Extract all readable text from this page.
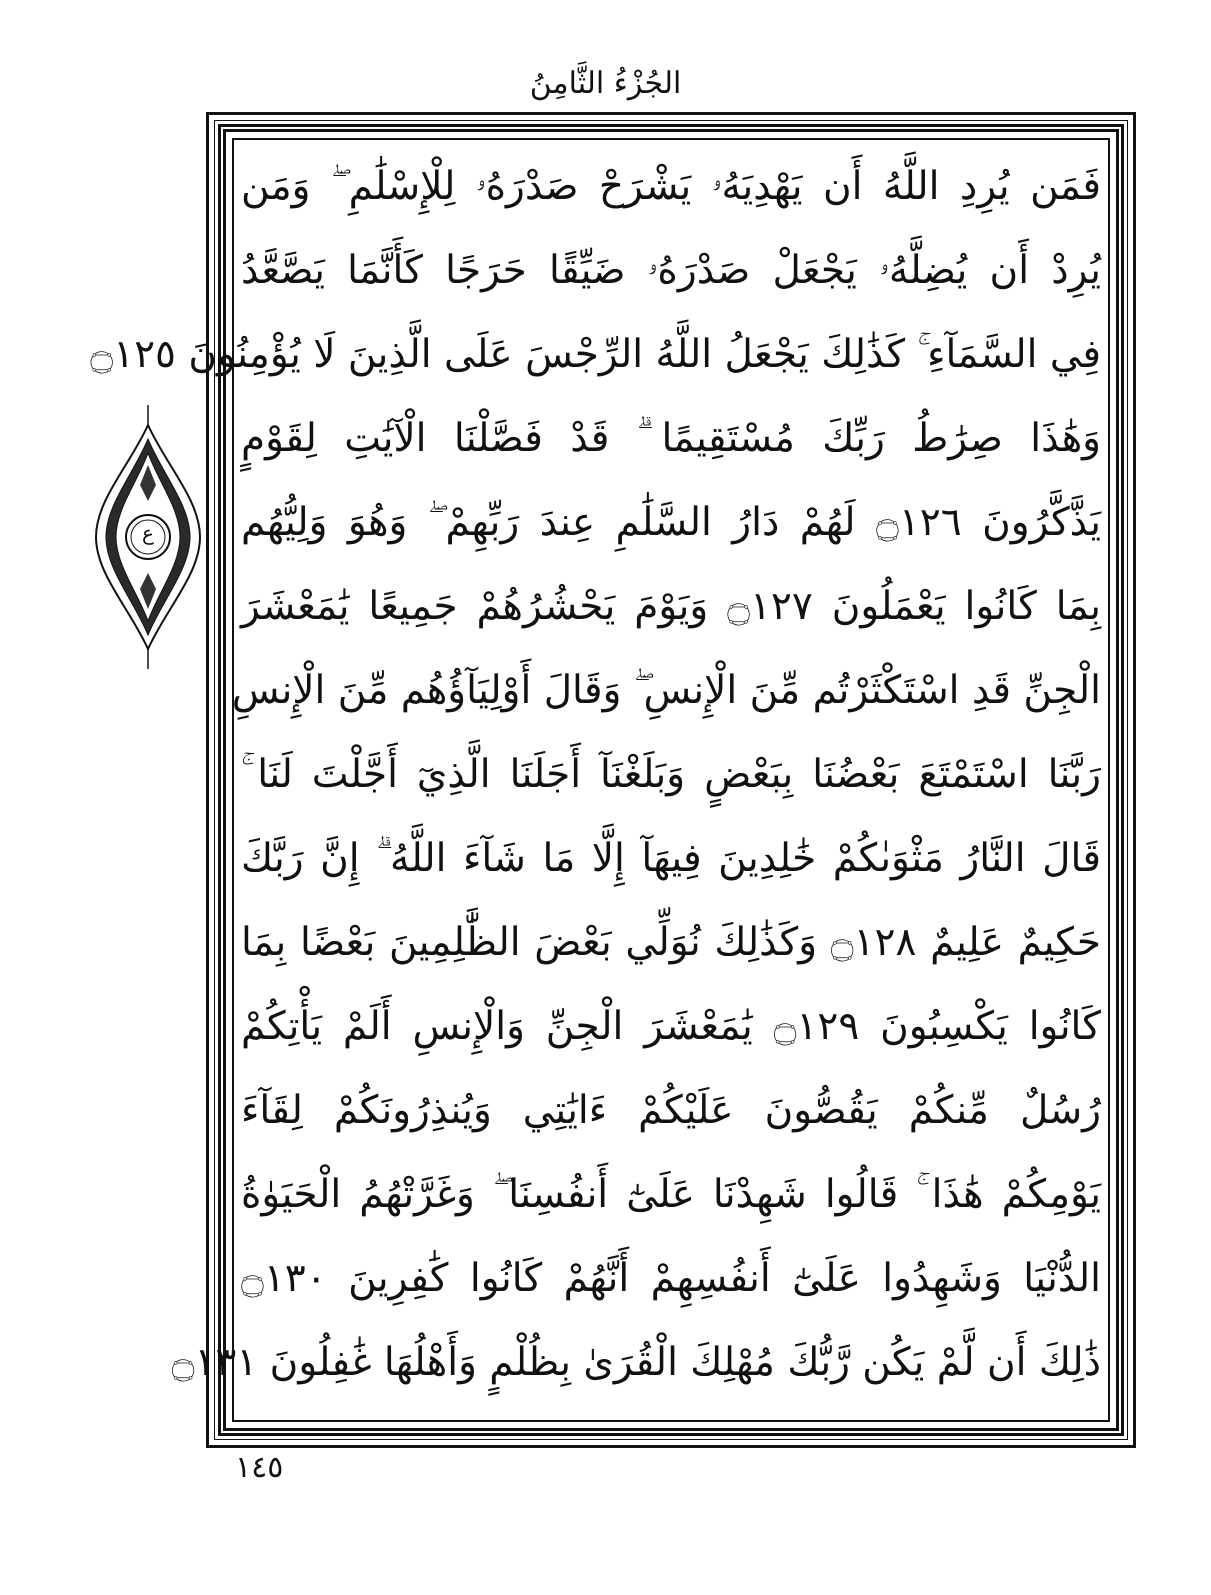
الجُزْءُ الثَّامِنُ
فَمَن يُرِدِ اللَّهُ أَن يَهْدِيَهُۥ يَشْرَحْ صَدْرَهُۥ لِلْإِسْلَٰمِ ۖ وَمَن
يُرِدْ أَن يُضِلَّهُۥ يَجْعَلْ صَدْرَهُۥ ضَيِّقًا حَرَجًا كَأَنَّمَا يَصَّعَّدُ
فِي السَّمَآءِ ۚ كَذَٰلِكَ يَجْعَلُ اللَّهُ الرِّجْسَ عَلَى الَّذِينَ لَا يُؤْمِنُونَ ۝١٢٥
وَهَٰذَا صِرَٰطُ رَبِّكَ مُسْتَقِيمًا ۗ قَدْ فَصَّلْنَا الْآيَٰتِ لِقَوْمٍ
يَذَّكَّرُونَ ۝١٢٦ لَهُمْ دَارُ السَّلَٰمِ عِندَ رَبِّهِمْ ۖ وَهُوَ وَلِيُّهُم
بِمَا كَانُوا يَعْمَلُونَ ۝١٢٧ وَيَوْمَ يَحْشُرُهُمْ جَمِيعًا يَٰمَعْشَرَ
الْجِنِّ قَدِ اسْتَكْثَرْتُم مِّنَ الْإِنسِ ۖ وَقَالَ أَوْلِيَآؤُهُم مِّنَ الْإِنسِ
رَبَّنَا اسْتَمْتَعَ بَعْضُنَا بِبَعْضٍ وَبَلَغْنَآ أَجَلَنَا الَّذِيٓ أَجَّلْتَ لَنَا ۚ
قَالَ النَّارُ مَثْوَىٰكُمْ خَٰلِدِينَ فِيهَآ إِلَّا مَا شَآءَ اللَّهُ ۗ إِنَّ رَبَّكَ
حَكِيمٌ عَلِيمٌ ۝١٢٨ وَكَذَٰلِكَ نُوَلِّي بَعْضَ الظَّٰلِمِينَ بَعْضًا بِمَا
كَانُوا يَكْسِبُونَ ۝١٢٩ يَٰمَعْشَرَ الْجِنِّ وَالْإِنسِ أَلَمْ يَأْتِكُمْ
رُسُلٌ مِّنكُمْ يَقُصُّونَ عَلَيْكُمْ ءَايَٰتِي وَيُنذِرُونَكُمْ لِقَآءَ
يَوْمِكُمْ هَٰذَا ۚ قَالُوا شَهِدْنَا عَلَىٰٓ أَنفُسِنَا ۖ وَغَرَّتْهُمُ الْحَيَوٰةُ
الدُّنْيَا وَشَهِدُوا عَلَىٰٓ أَنفُسِهِمْ أَنَّهُمْ كَانُوا كَٰفِرِينَ ۝١٣٠
ذَٰلِكَ أَن لَّمْ يَكُن رَّبُّكَ مُهْلِكَ الْقُرَىٰ بِظُلْمٍ وَأَهْلُهَا غَٰفِلُونَ ۝١٣١
ع
١٤٥
